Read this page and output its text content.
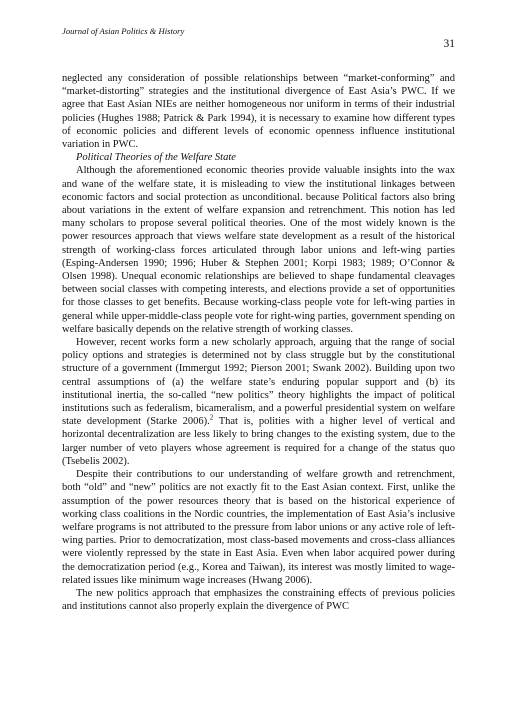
Journal of Asian Politics & History
31

neglected any consideration of possible relationships between “market-conforming” and “market-distorting” strategies and the institutional divergence of East Asia’s PWC. If we agree that East Asian NIEs are neither homogeneous nor uniform in terms of their industrial policies (Hughes 1988; Patrick & Park 1994), it is necessary to examine how different types of economic policies and different levels of economic openness influence institutional variation in PWC.

Political Theories of the Welfare State

Although the aforementioned economic theories provide valuable insights into the wax and wane of the welfare state, it is misleading to view the institutional linkages between economic factors and social protection as unconditional. because Political factors also bring about variations in the extent of welfare expansion and retrenchment. This notion has led many scholars to propose several political theories. One of the most widely known is the power resources approach that views welfare state development as a result of the historical strength of working-class forces articulated through labor unions and left-wing parties (Esping-Andersen 1990; 1996; Huber & Stephen 2001; Korpi 1983; 1989; O’Connor & Olsen 1998). Unequal economic relationships are believed to shape fundamental cleavages between social classes with competing interests, and elections provide a set of opportunities for those classes to get benefits. Because working-class people vote for left-wing parties in general while upper-middle-class people vote for right-wing parties, government spending on welfare basically depends on the relative strength of working classes.

However, recent works form a new scholarly approach, arguing that the range of social policy options and strategies is determined not by class struggle but by the constitutional structure of a government (Immergut 1992; Pierson 2001; Swank 2002). Building upon two central assumptions of (a) the welfare state’s enduring popular support and (b) its institutional inertia, the so-called “new politics” theory highlights the impact of political institutions such as federalism, bicameralism, and a powerful presidential system on welfare state development (Starke 2006).$^2$ That is, polities with a higher level of vertical and horizontal decentralization are less likely to bring changes to the existing system, due to the larger number of veto players whose agreement is required for a change of the status quo (Tsebelis 2002).

Despite their contributions to our understanding of welfare growth and retrenchment, both “old” and “new” politics are not exactly fit to the East Asian context. First, unlike the assumption of the power resources theory that is based on the historical experience of working class coalitions in the Nordic countries, the implementation of East Asia’s inclusive welfare programs is not attributed to the pressure from labor unions or any active role of left-wing parties. Prior to democratization, most class-based movements and cross-class alliances were violently repressed by the state in East Asia. Even when labor acquired power during the democratization period (e.g., Korea and Taiwan), its interest was mostly limited to wage-related issues like minimum wage increases (Hwang 2006).

The new politics approach that emphasizes the constraining effects of previous policies and institutions cannot also properly explain the divergence of PWC
